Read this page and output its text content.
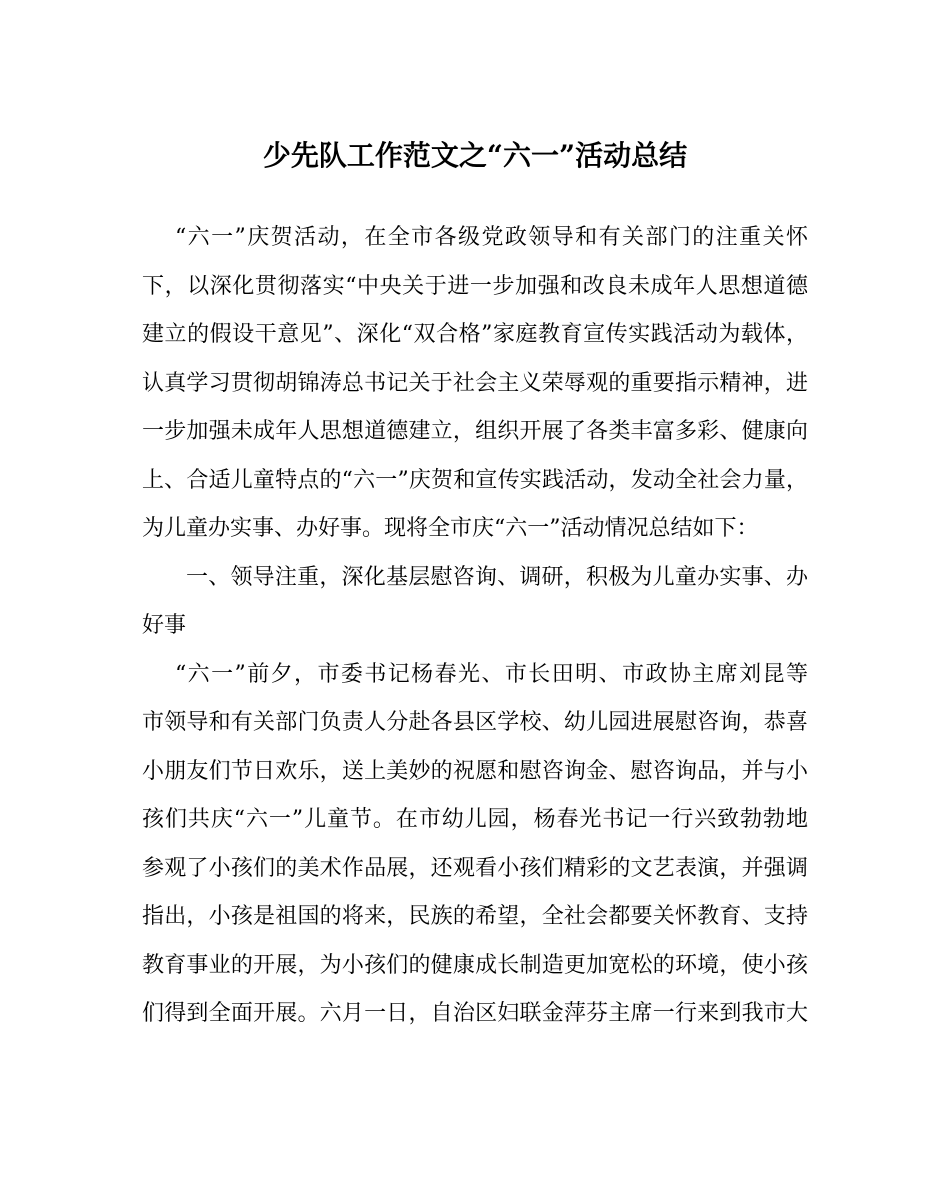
少先队工作范文之“六一”活动总结
“六一”庆贺活动，在全市各级党政领导和有关部门的注重关怀
下，以深化贯彻落实“中央关于进一步加强和改良未成年人思想道德
建立的假设干意见”、深化“双合格”家庭教育宣传实践活动为载体，
认真学习贯彻胡锦涛总书记关于社会主义荣辱观的重要指示精神，进
一步加强未成年人思想道德建立，组织开展了各类丰富多彩、健康向
上、合适儿童特点的“六一”庆贺和宣传实践活动，发动全社会力量，
为儿童办实事、办好事。现将全市庆“六一”活动情况总结如下：
一、领导注重，深化基层慰咨询、调研，积极为儿童办实事、办
好事
“六一”前夕，市委书记杨春光、市长田明、市政协主席刘昆等
市领导和有关部门负责人分赴各县区学校、幼儿园进展慰咨询，恭喜
小朋友们节日欢乐，送上美妙的祝愿和慰咨询金、慰咨询品，并与小
孩们共庆“六一”儿童节。在市幼儿园，杨春光书记一行兴致勃勃地
参观了小孩们的美术作品展，还观看小孩们精彩的文艺表演，并强调
指出，小孩是祖国的将来，民族的希望，全社会都要关怀教育、支持
教育事业的开展，为小孩们的健康成长制造更加宽松的环境，使小孩
们得到全面开展。六月一日，自治区妇联金萍芬主席一行来到我市大
